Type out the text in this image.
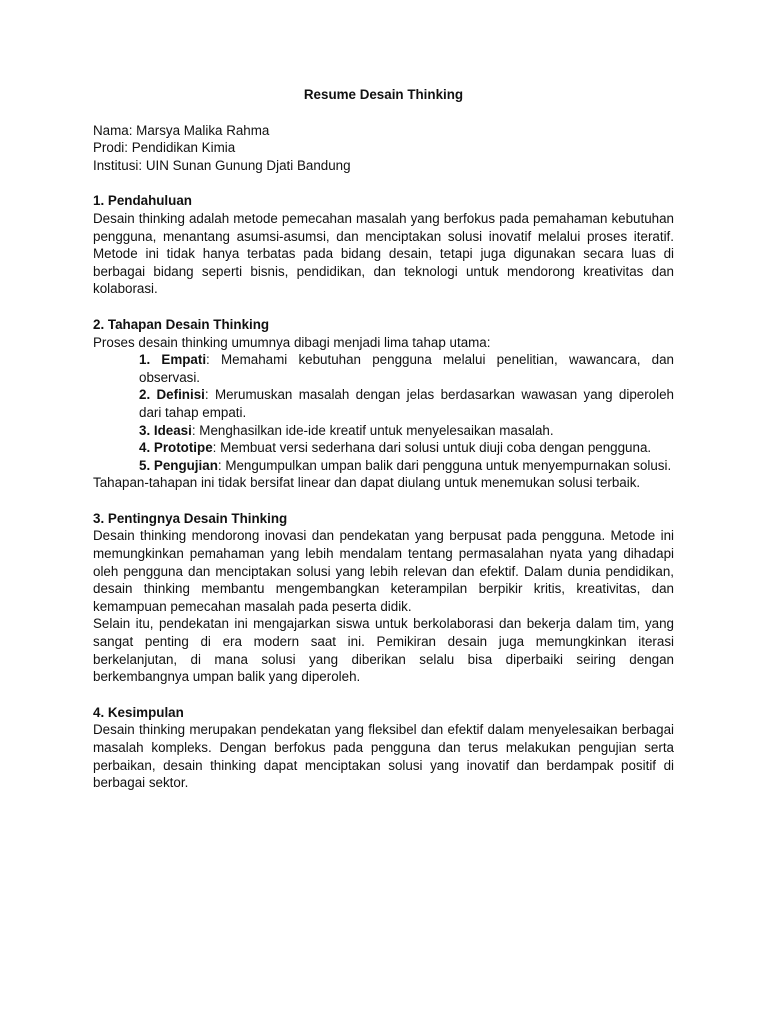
Resume Desain Thinking

Nama: Marsya Malika Rahma

Prodi: Pendidikan Kimia

Institusi: UIN Sunan Gunung Djati Bandung

1. Pendahuluan

Desain thinking adalah metode pemecahan masalah yang berfokus pada pemahaman kebutuhan pengguna, menantang asumsi-asumsi, dan menciptakan solusi inovatif melalui proses iteratif. Metode ini tidak hanya terbatas pada bidang desain, tetapi juga digunakan secara luas di berbagai bidang seperti bisnis, pendidikan, dan teknologi untuk mendorong kreativitas dan kolaborasi.

2. Tahapan Desain Thinking

Proses desain thinking umumnya dibagi menjadi lima tahap utama:

1. Empati: Memahami kebutuhan pengguna melalui penelitian, wawancara, dan observasi.
2. Definisi: Merumuskan masalah dengan jelas berdasarkan wawasan yang diperoleh dari tahap empati.
3. Ideasi: Menghasilkan ide-ide kreatif untuk menyelesaikan masalah.
4. Prototipe: Membuat versi sederhana dari solusi untuk diuji coba dengan pengguna.
5. Pengujian: Mengumpulkan umpan balik dari pengguna untuk menyempurnakan solusi.

Tahapan-tahapan ini tidak bersifat linear dan dapat diulang untuk menemukan solusi terbaik.

3. Pentingnya Desain Thinking

Desain thinking mendorong inovasi dan pendekatan yang berpusat pada pengguna. Metode ini memungkinkan pemahaman yang lebih mendalam tentang permasalahan nyata yang dihadapi oleh pengguna dan menciptakan solusi yang lebih relevan dan efektif. Dalam dunia pendidikan, desain thinking membantu mengembangkan keterampilan berpikir kritis, kreativitas, dan kemampuan pemecahan masalah pada peserta didik.

Selain itu, pendekatan ini mengajarkan siswa untuk berkolaborasi dan bekerja dalam tim, yang sangat penting di era modern saat ini. Pemikiran desain juga memungkinkan iterasi berkelanjutan, di mana solusi yang diberikan selalu bisa diperbaiki seiring dengan berkembangnya umpan balik yang diperoleh.

4. Kesimpulan

Desain thinking merupakan pendekatan yang fleksibel dan efektif dalam menyelesaikan berbagai masalah kompleks. Dengan berfokus pada pengguna dan terus melakukan pengujian serta perbaikan, desain thinking dapat menciptakan solusi yang inovatif dan berdampak positif di berbagai sektor.
